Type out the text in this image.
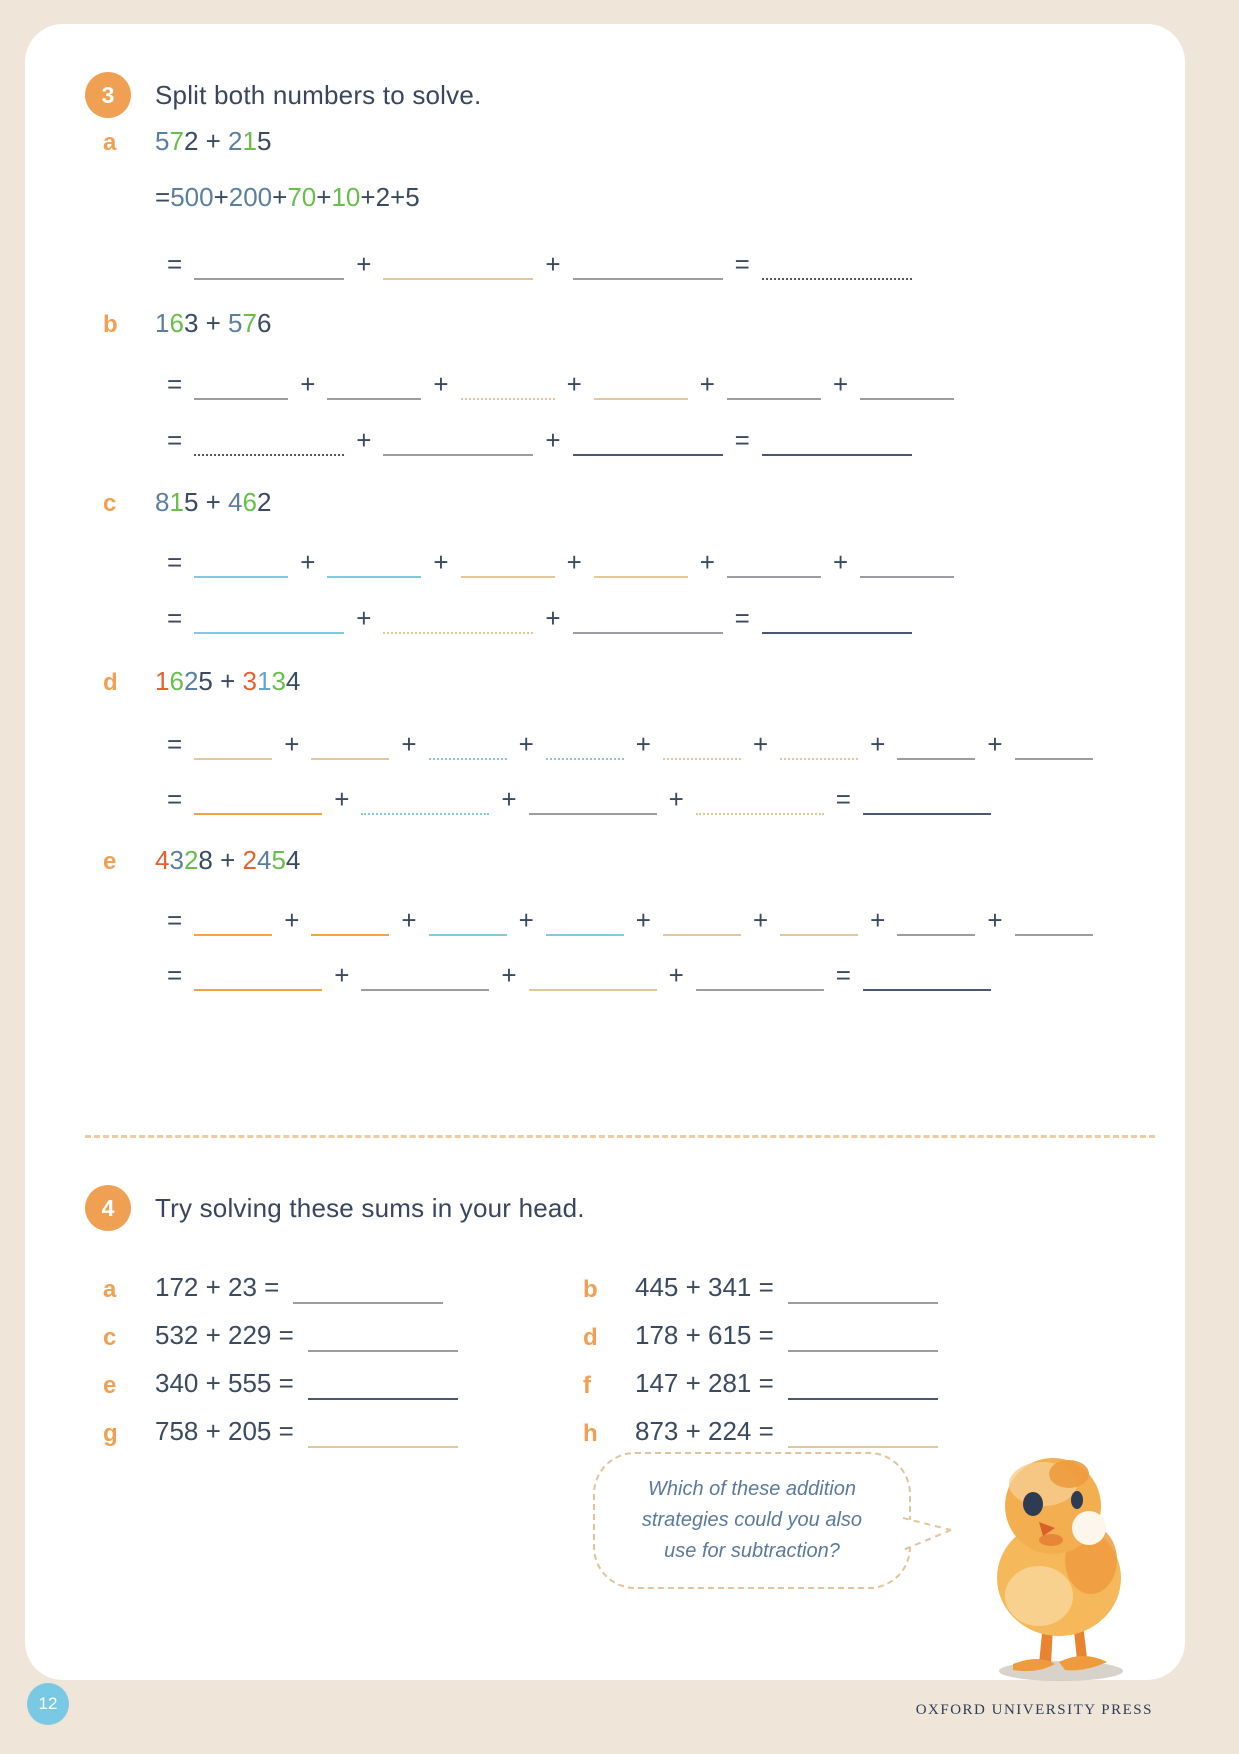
3 Split both numbers to solve.
4 Try solving these sums in your head.
Which of these addition
strategies could you also
use for subtraction?
a	572 + 215
= 500 + 200 + 70 + 10 + 2 + 5
=	+	+	=
b	163 + 576
=	+	+	+	+	+
=	+	+	=
c	815 + 462
=	+	+	+	+	+
=	+	+	=
d	1625 + 3134
=	+	+	+	+	+	+	+
=	+	+	+	=
e	4328 + 2454
=	+	+	+	+	+	+	+
=	+	+	+	=
a	172 + 23 =	b	445 + 341 =
c	532 + 229 =	d	178 + 615 =
e	340 + 555 =	f	147 + 281 =
g	758 + 205 =	h	873 + 224 =
12	OXFORD UNIVERSITY PRESS
